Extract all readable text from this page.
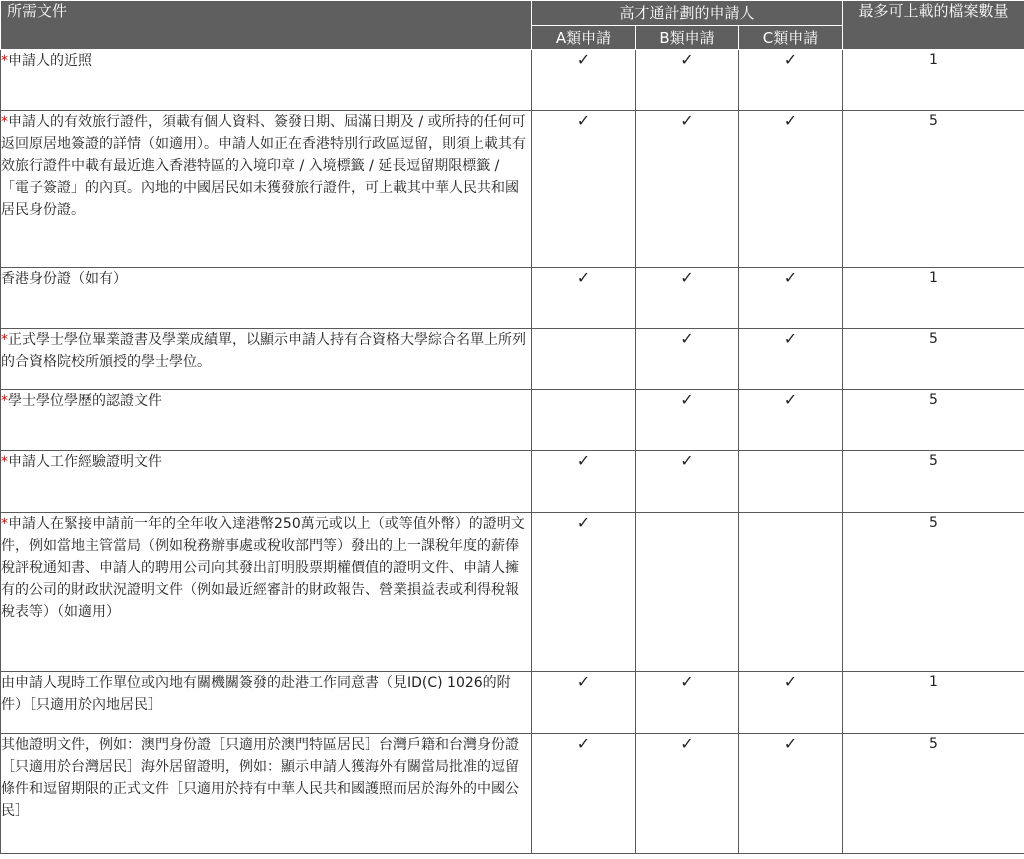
所需文件	高才通計劃的申請人			最多可上載的檔案數量
	A類申請	B類申請	C類申請	
*申請人的近照	✓	✓	✓	1
*申請人的有效旅行證件，須載有個人資料、簽發日期、屆滿日期及 / 或所持的任何可返回原居地簽證的詳情（如適用）。申請人如正在香港特別行政區逗留，則須上載其有效旅行證件中載有最近進入香港特區的入境印章 / 入境標籤 / 延長逗留期限標籤 / 「電子簽證」的內頁。內地的中國居民如未獲發旅行證件，可上載其中華人民共和國居民身份證。	✓	✓	✓	5
香港身份證（如有）	✓	✓	✓	1
*正式學士學位畢業證書及學業成績單，以顯示申請人持有合資格大學綜合名單上所列的合資格院校所頒授的學士學位。		✓	✓	5
*學士學位學歷的認證文件		✓	✓	5
*申請人工作經驗證明文件	✓	✓		5
*申請人在緊接申請前一年的全年收入達港幣250萬元或以上（或等值外幣）的證明文件，例如當地主管當局（例如稅務辦事處或稅收部門等）發出的上一課稅年度的薪俸稅評稅通知書、申請人的聘用公司向其發出訂明股票期權價值的證明文件、申請人擁有的公司的財政狀況證明文件（例如最近經審計的財政報告、營業損益表或利得稅報稅表等）（如適用）	✓			5
由申請人現時工作單位或內地有關機關簽發的赴港工作同意書（見ID(C) 1026的附件）［只適用於內地居民］	✓	✓	✓	1
其他證明文件，例如：澳門身份證［只適用於澳門特區居民］台灣戶籍和台灣身份證［只適用於台灣居民］海外居留證明，例如：顯示申請人獲海外有關當局批准的逗留條件和逗留期限的正式文件［只適用於持有中華人民共和國護照而居於海外的中國公民］	✓	✓	✓	5
